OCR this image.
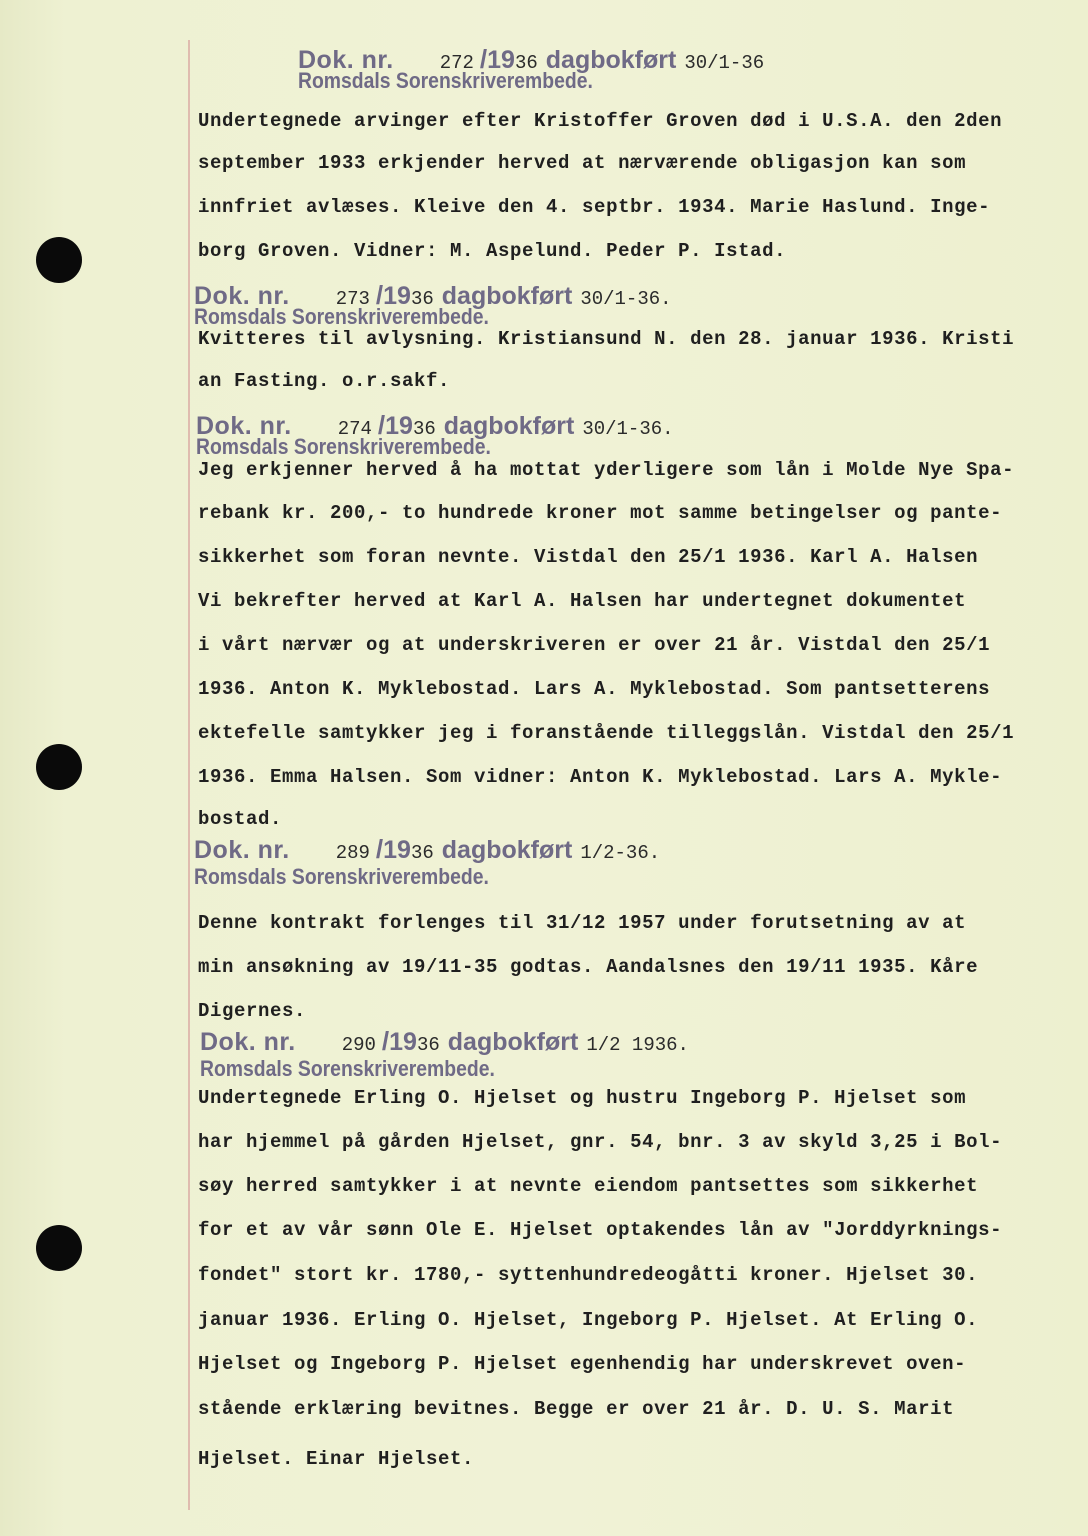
Dok. nr. 272 /1936 dagbokført 30/1-36
Romsdals Sorenskriverembede.
Undertegnede arvinger efter Kristoffer Groven død i U.S.A. den 2den
september 1933 erkjender herved at nærværende obligasjon kan som
innfriet avlæses. Kleive den 4. septbr. 1934. Marie Haslund. Inge-
borg Groven. Vidner: M. Aspelund. Peder P. Istad.
Dok. nr. 273 /1936 dagbokført 30/1-36.
Romsdals Sorenskriverembede.
Kvitteres til avlysning. Kristiansund N. den 28. januar 1936. Kristi
an Fasting. o.r.sakf.
Dok. nr. 274 /1936 dagbokført 30/1-36.
Romsdals Sorenskriverembede.
Jeg erkjenner herved å ha mottat yderligere som lån i Molde Nye Spa-
rebank kr. 200,- to hundrede kroner mot samme betingelser og pante-
sikkerhet som foran nevnte. Vistdal den 25/1 1936. Karl A. Halsen
Vi bekrefter herved at Karl A. Halsen har undertegnet dokumentet
i vårt nærvær og at underskriveren er over 21 år. Vistdal den 25/1
1936. Anton K. Myklebostad. Lars A. Myklebostad. Som pantsetterens
ektefelle samtykker jeg i foranstående tilleggslån. Vistdal den 25/1
1936. Emma Halsen. Som vidner: Anton K. Myklebostad. Lars A. Mykle-
bostad.
Dok. nr. 289 /1936 dagbokført 1/2-36.
Romsdals Sorenskriverembede.
Denne kontrakt forlenges til 31/12 1957 under forutsetning av at
min ansøkning av 19/11-35 godtas. Aandalsnes den 19/11 1935. Kåre
Digernes.
Dok. nr. 290 /1936 dagbokført 1/2 1936.
Romsdals Sorenskriverembede.
Undertegnede Erling O. Hjelset og hustru Ingeborg P. Hjelset som
har hjemmel på gården Hjelset, gnr. 54, bnr. 3 av skyld 3,25 i Bol-
søy herred samtykker i at nevnte eiendom pantsettes som sikkerhet
for et av vår sønn Ole E. Hjelset optakendes lån av "Jorddyrknings-
fondet" stort kr. 1780,- syttenhundredeogåtti kroner. Hjelset 30.
januar 1936. Erling O. Hjelset, Ingeborg P. Hjelset. At Erling O.
Hjelset og Ingeborg P. Hjelset egenhendig har underskrevet oven-
stående erklæring bevitnes. Begge er over 21 år. D. U. S. Marit
Hjelset. Einar Hjelset.
